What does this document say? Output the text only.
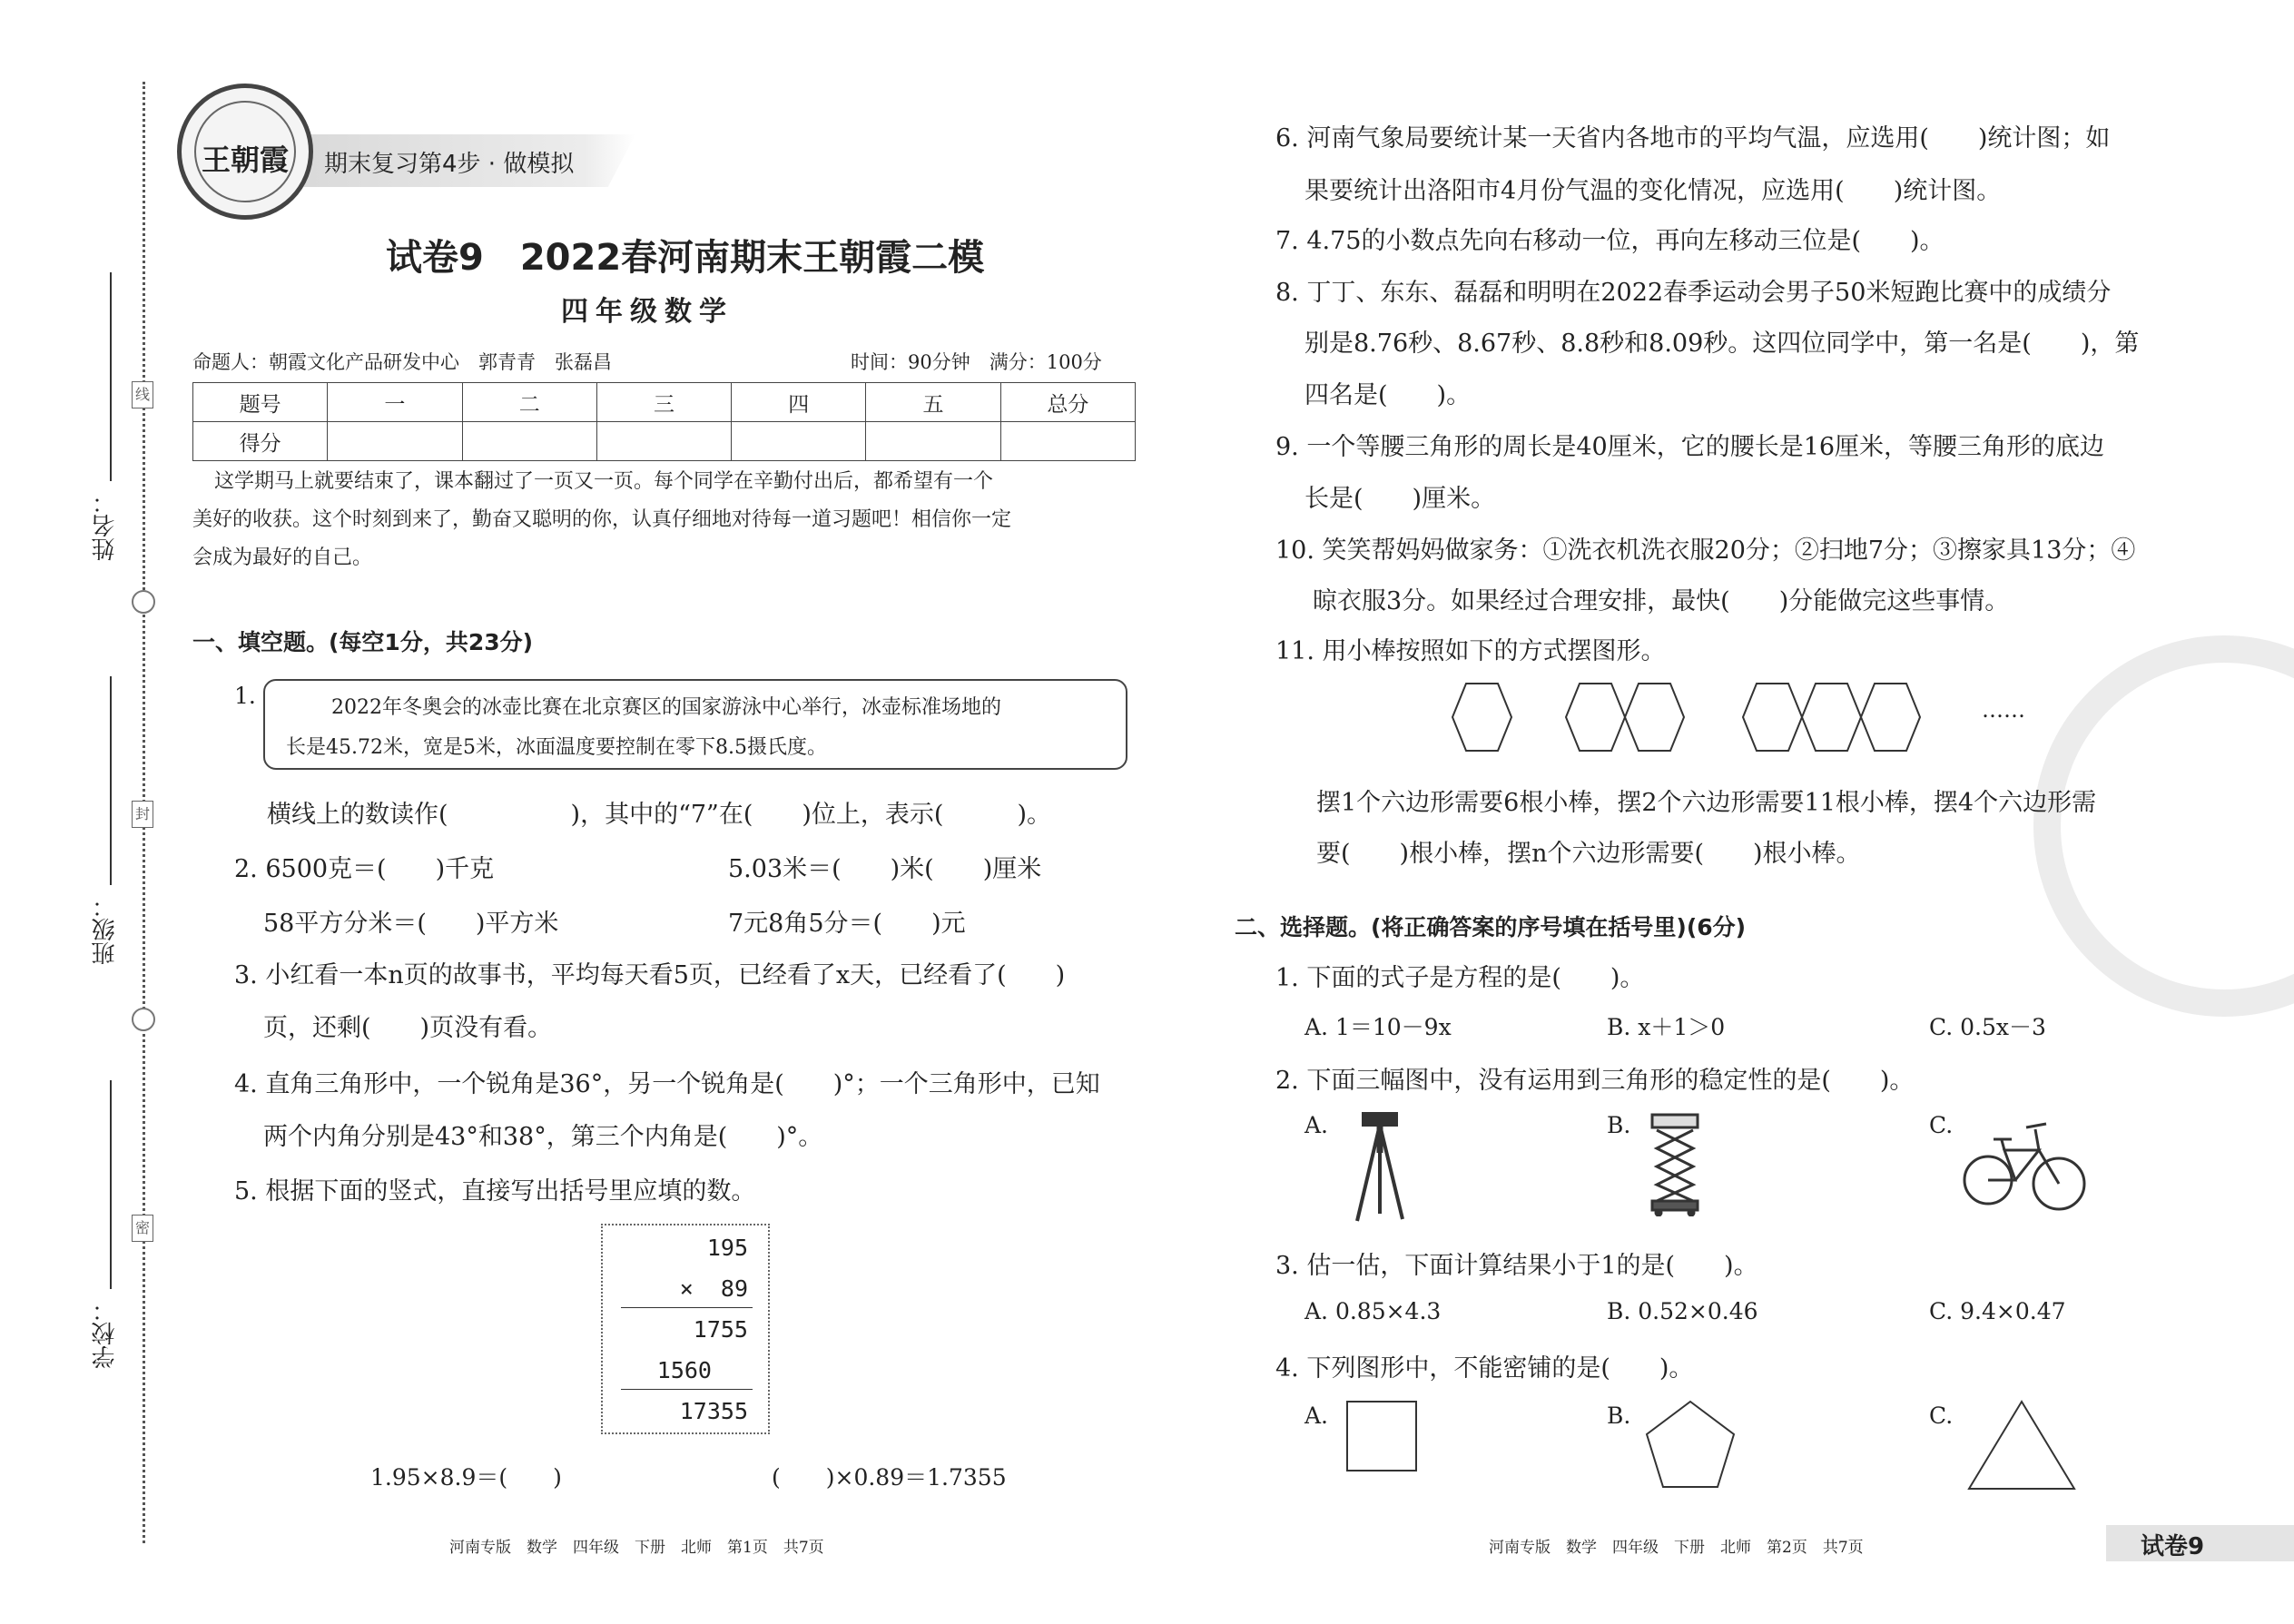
线
封
密
姓名：
班级：
学校：
期末复习第4步 · 做模拟
王朝霞
试卷9　2022春河南期末王朝霞二模
四年级数学
命题人：朝霞文化产品研发中心　郭青青　张磊昌	时间：90分钟　满分：100分
题号	一	二	三	四	五	总分
得分						
这学期马上就要结束了，课本翻过了一页又一页。每个同学在辛勤付出后，都希望有一个
美好的收获。这个时刻到来了，勤奋又聪明的你，认真仔细地对待每一道习题吧！相信你一定
会成为最好的自己。
一、填空题。(每空1分，共23分)
1.	2022年冬奥会的冰壶比赛在北京赛区的国家游泳中心举行，冰壶标准场地的
长是45.72米，宽是5米，冰面温度要控制在零下8.5摄氏度。
横线上的数读作(　　　　　)，其中的“7”在(　　)位上，表示(　　　)。
2. 6500克＝(　　)千克	5.03米＝(　　)米(　　)厘米
58平方分米＝(　　)平方米	7元8角5分＝(　　)元
3. 小红看一本n页的故事书，平均每天看5页，已经看了x天，已经看了(　　)
页，还剩(　　)页没有看。
4. 直角三角形中，一个锐角是36°，另一个锐角是(　　)°；一个三角形中，已知
两个内角分别是43°和38°，第三个内角是(　　)°。
5. 根据下面的竖式，直接写出括号里应填的数。
195
×  89
1755
1560
17355
1.95×8.9＝(　　)	(　　)×0.89＝1.7355
河南专版　数学　四年级　下册　北师　第1页　共7页
6. 河南气象局要统计某一天省内各地市的平均气温，应选用(　　)统计图；如
果要统计出洛阳市4月份气温的变化情况，应选用(　　)统计图。
7. 4.75的小数点先向右移动一位，再向左移动三位是(　　)。
8. 丁丁、东东、磊磊和明明在2022春季运动会男子50米短跑比赛中的成绩分
别是8.76秒、8.67秒、8.8秒和8.09秒。这四位同学中，第一名是(　　)，第
四名是(　　)。
9. 一个等腰三角形的周长是40厘米，它的腰长是16厘米，等腰三角形的底边
长是(　　)厘米。
10. 笑笑帮妈妈做家务：①洗衣机洗衣服20分；②扫地7分；③擦家具13分；④
晾衣服3分。如果经过合理安排，最快(　　)分能做完这些事情。
11. 用小棒按照如下的方式摆图形。
……
摆1个六边形需要6根小棒，摆2个六边形需要11根小棒，摆4个六边形需
要(　　)根小棒，摆n个六边形需要(　　)根小棒。
二、选择题。(将正确答案的序号填在括号里)(6分)
1. 下面的式子是方程的是(　　)。
A. 1＝10－9x	B. x＋1＞0	C. 0.5x－3
2. 下面三幅图中，没有运用到三角形的稳定性的是(　　)。
A.	B.	C.
3. 估一估，下面计算结果小于1的是(　　)。
A. 0.85×4.3	B. 0.52×0.46	C. 9.4×0.47
4. 下列图形中，不能密铺的是(　　)。
A.	B.	C.
河南专版　数学　四年级　下册　北师　第2页　共7页	试卷9
